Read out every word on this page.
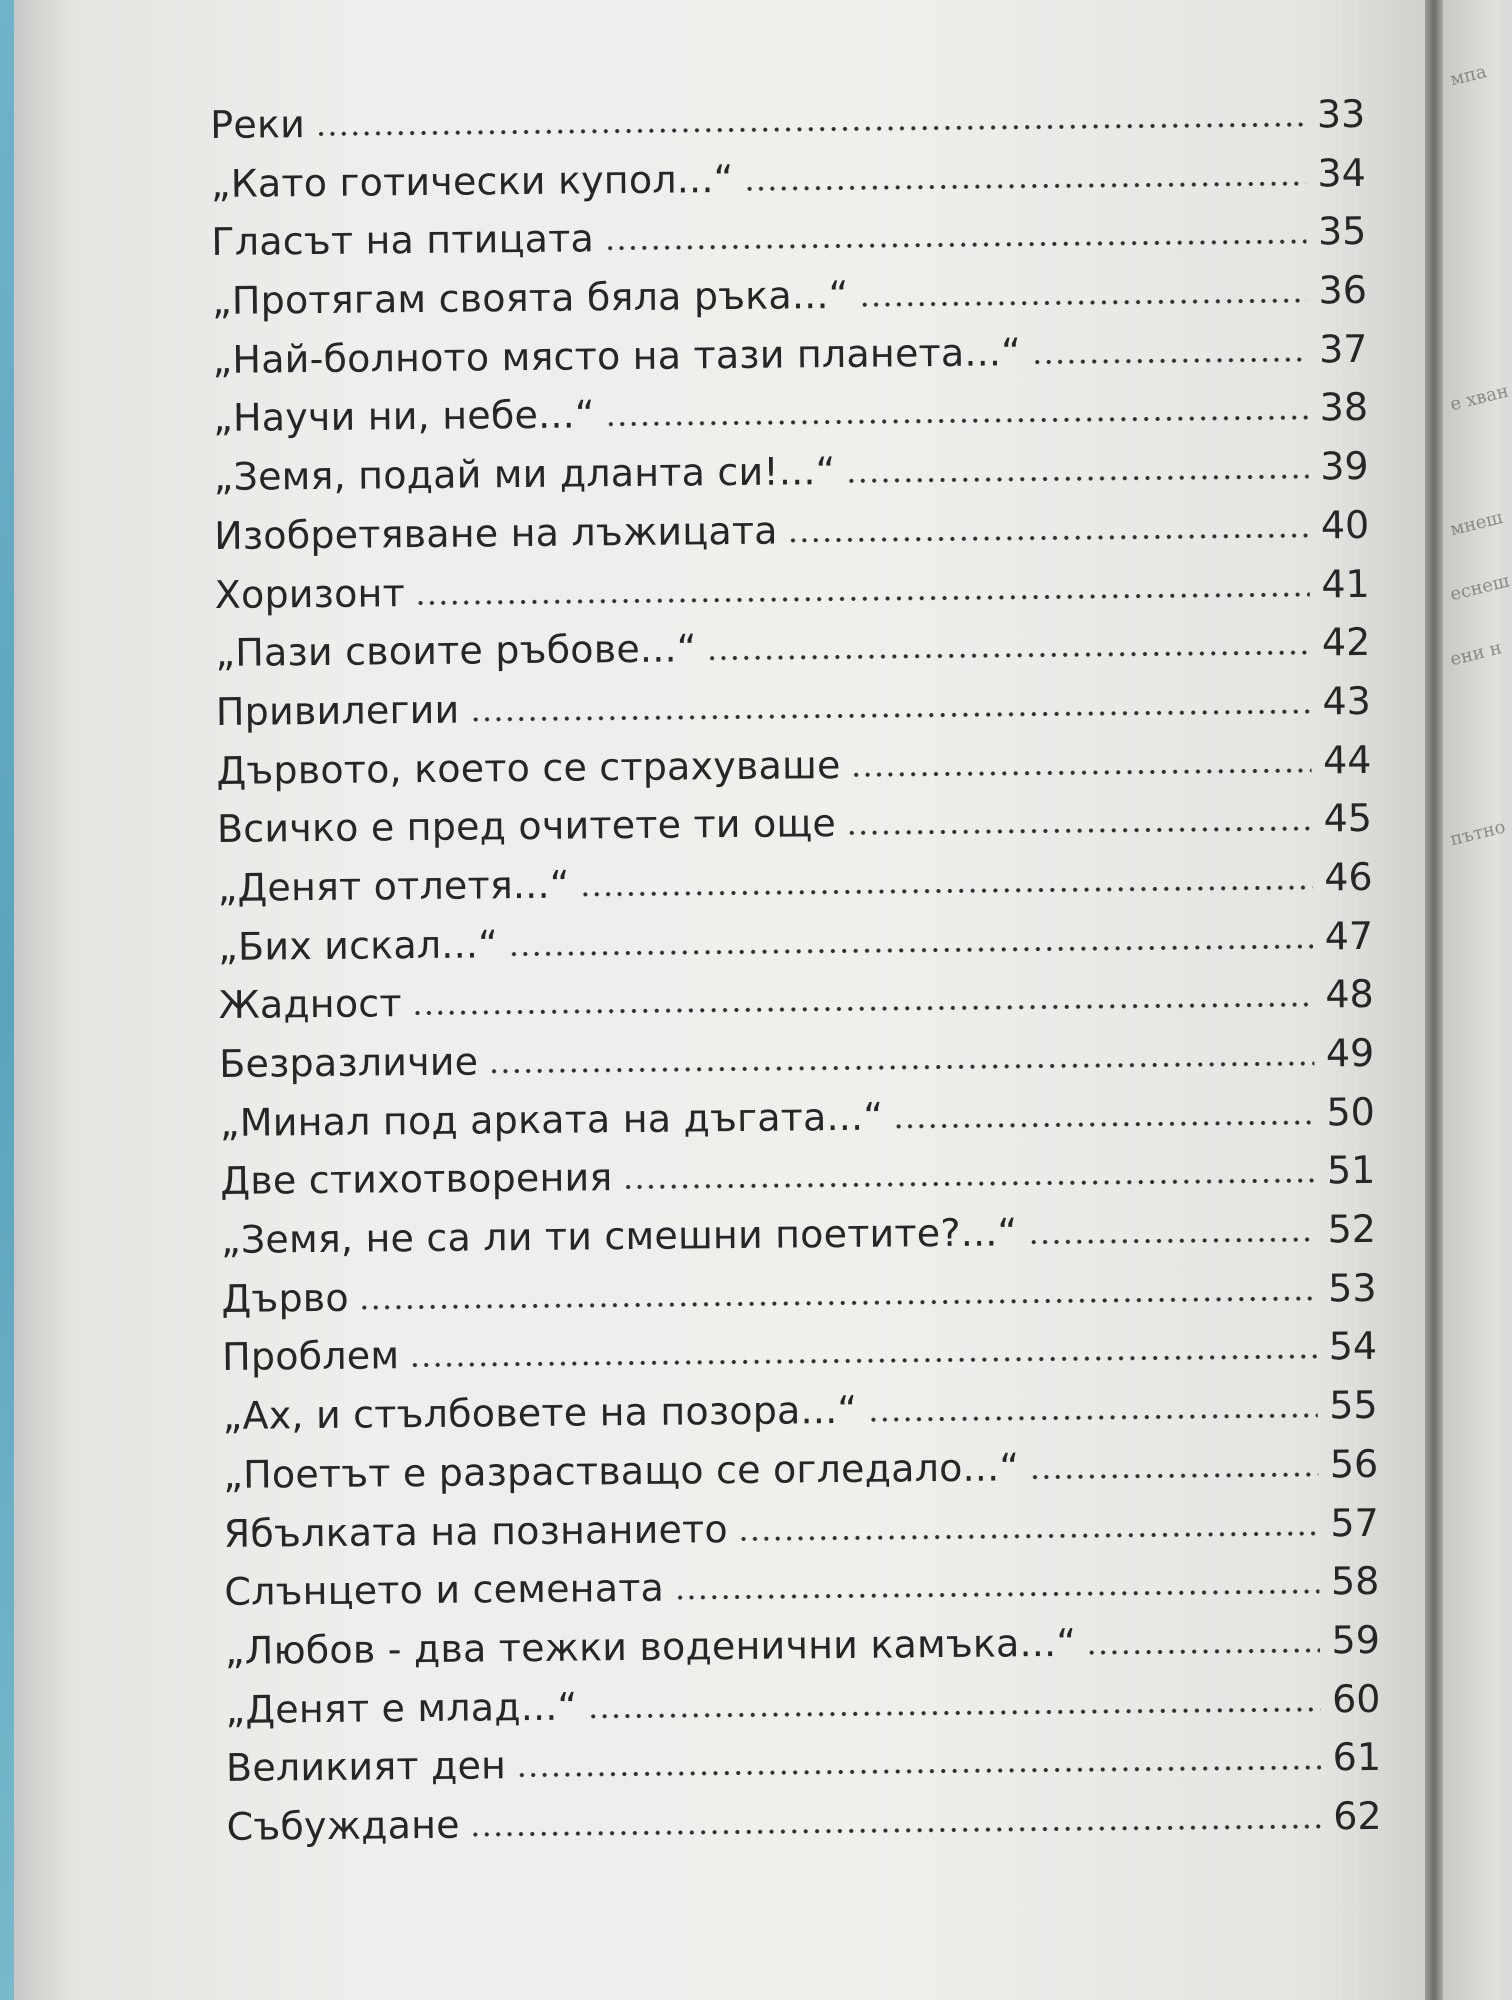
мпа
е хван
мнеш
еснеш
ени н
пътно
Реки	33
„Като готически купол...“	34
Гласът на птицата	35
„Протягам своята бяла ръка...“	36
„Най-болното място на тази планета...“	37
„Научи ни, небе...“	38
„Земя, подай ми дланта си!...“	39
Изобретяване на лъжицата	40
Хоризонт	41
„Пази своите ръбове...“	42
Привилегии	43
Дървото, което се страхуваше	44
Всичко е пред очитете ти още	45
„Денят отлетя...“	46
„Бих искал...“	47
Жадност	48
Безразличие	49
„Минал под арката на дъгата...“	50
Две стихотворения	51
„Земя, не са ли ти смешни поетите?...“	52
Дърво	53
Проблем	54
„Ах, и стълбовете на позора...“	55
„Поетът е разрастващо се огледало...“	56
Ябълката на познанието	57
Слънцето и семената	58
„Любов - два тежки воденични камъка...“	59
„Денят е млад...“	60
Великият ден	61
Събуждане	62
